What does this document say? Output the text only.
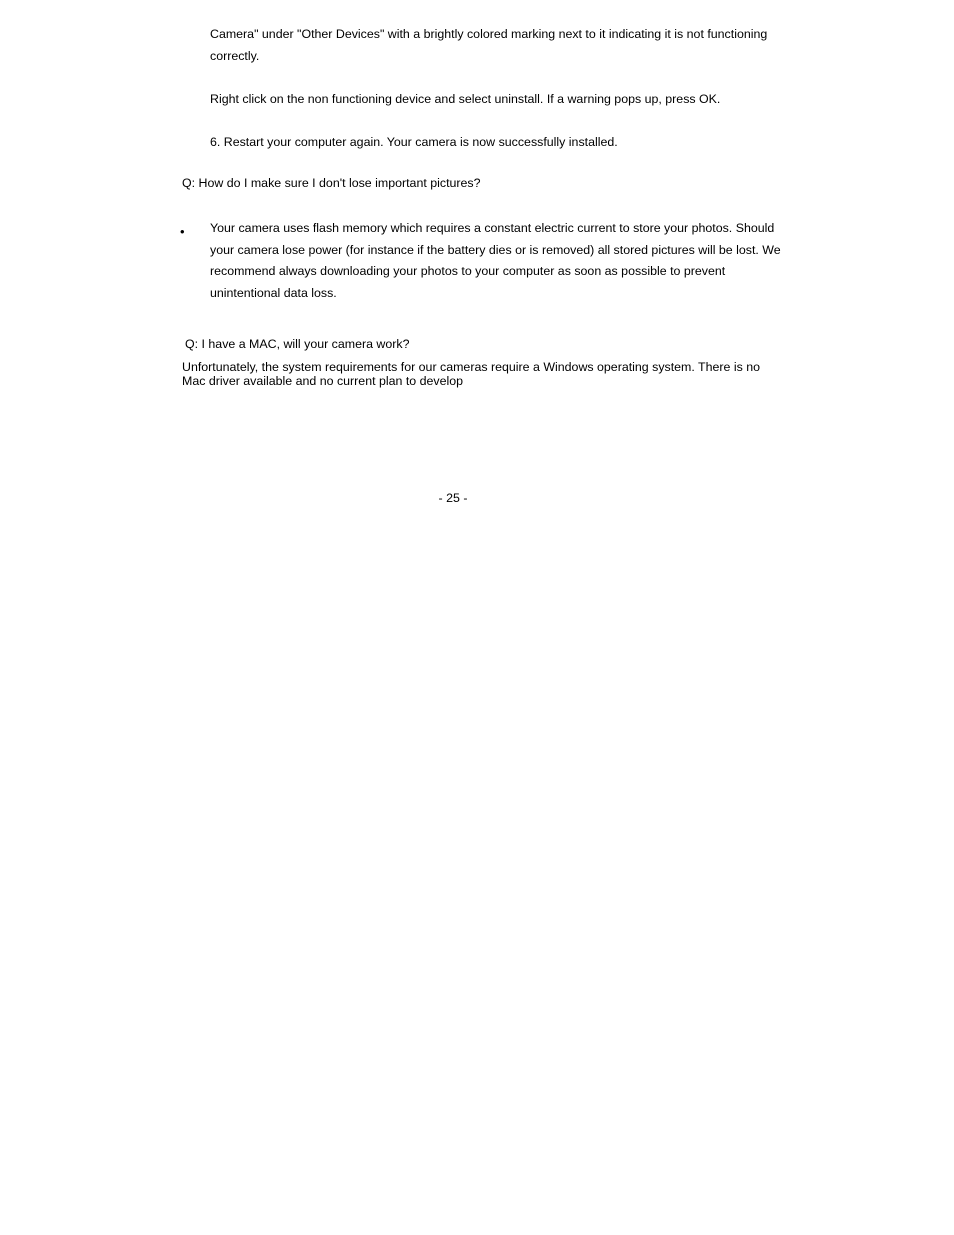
Camera" under "Other Devices" with a brightly colored marking next to it indicating it is not functioning correctly.

Right click on the non functioning device and select uninstall. If a warning pops up, press OK.

6. Restart your computer again. Your camera is now successfully installed.

Q: How do I make sure I don't lose important pictures?

• Your camera uses flash memory which requires a constant electric current to store your photos. Should your camera lose power (for instance if the battery dies or is removed) all stored pictures will be lost. We recommend always downloading your photos to your computer as soon as possible to prevent unintentional data loss.

Q: I have a MAC, will your camera work?

Unfortunately, the system requirements for our cameras require a Windows operating system. There is no Mac driver available and no current plan to develop

- 25 -
